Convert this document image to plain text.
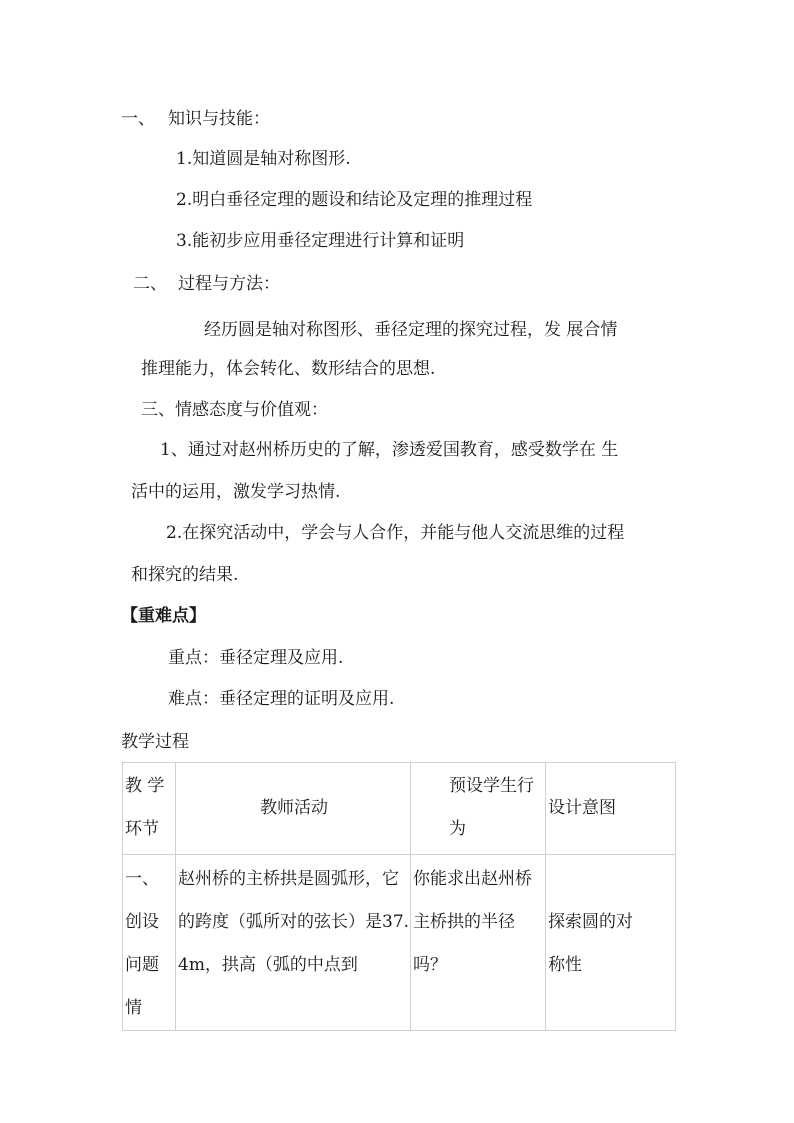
一、 知识与技能：
1.知道圆是轴对称图形.
2.明白垂径定理的题设和结论及定理的推理过程
3.能初步应用垂径定理进行计算和证明
二、 过程与方法：
经历圆是轴对称图形、垂径定理的探究过程，发 展合情
推理能力，体会转化、数形结合的思想.
三、情感态度与价值观：
1、通过对赵州桥历史的了解，渗透爱国教育，感受数学在 生
活中的运用，激发学习热情.
2.在探究活动中，学会与人合作，并能与他人交流思维的过程
和探究的结果.
【重难点】
重点：垂径定理及应用.
难点：垂径定理的证明及应用.
教学过程
教 学 环节	教师活动	预设学生行为	设计意图

一、创设 问题 情	赵州桥的主桥拱是圆弧形，它的跨度（弧所对的弦长）是37.4m，拱高（弧的中点到	你能求出赵州桥主桥拱的半径吗？	探索圆的对称性
